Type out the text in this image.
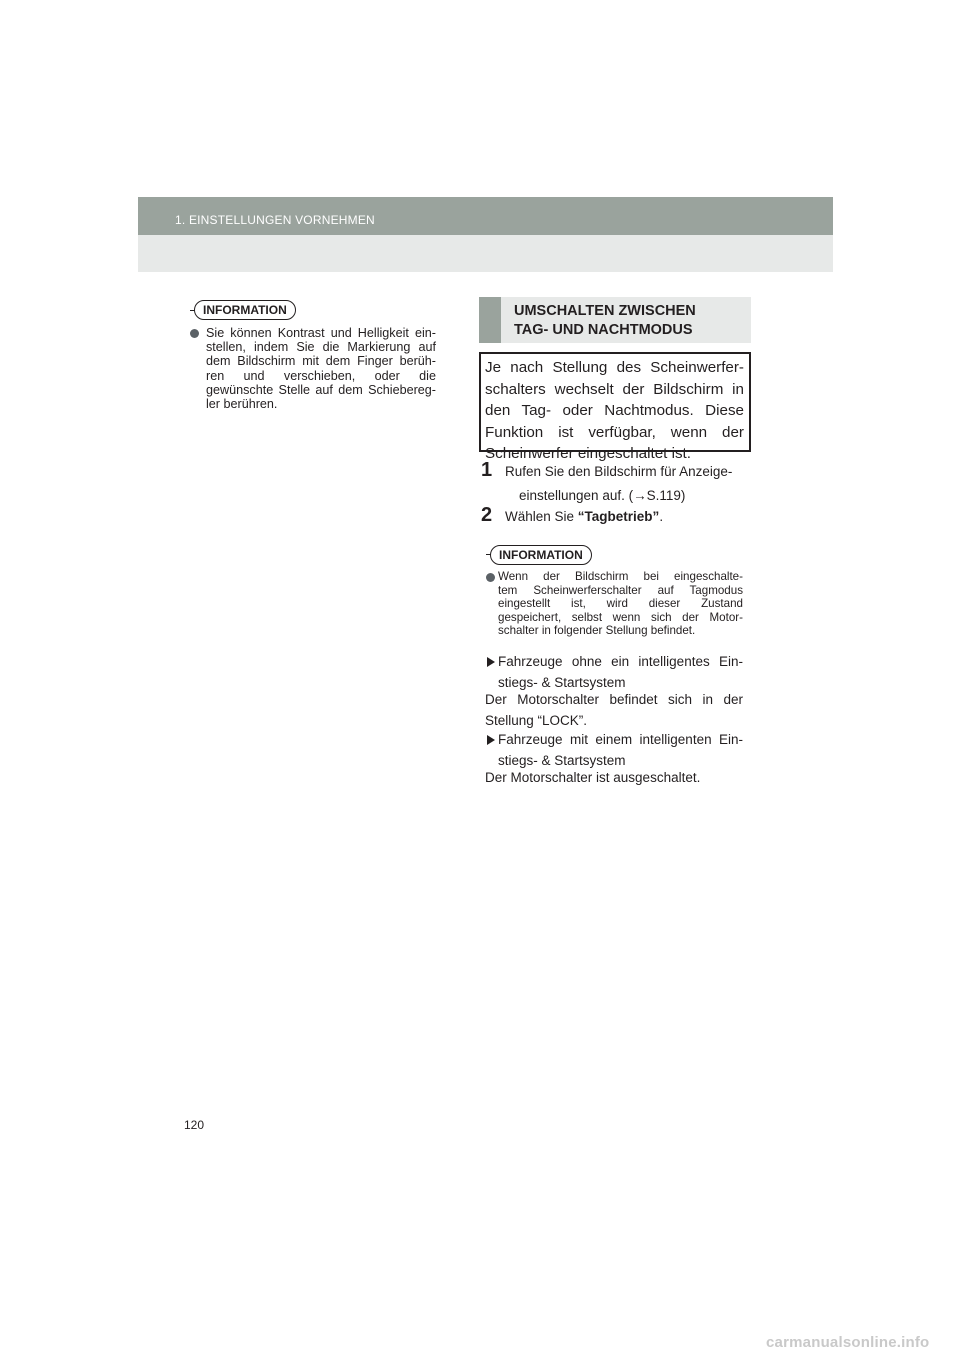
1. EINSTELLUNGEN VORNEHMEN
INFORMATION
Sie können Kontrast und Helligkeit ein-
stellen, indem Sie die Markierung auf
dem Bildschirm mit dem Finger berüh-
ren und verschieben, oder die
gewünschte Stelle auf dem Schiebereg-
ler berühren.
UMSCHALTEN ZWISCHEN
TAG- UND NACHTMODUS
Je nach Stellung des Scheinwerfer-
schalters wechselt der Bildschirm in
den Tag- oder Nachtmodus. Diese
Funktion ist verfügbar, wenn der
Scheinwerfer eingeschaltet ist.
1 Rufen Sie den Bildschirm für Anzeige-
einstellungen auf. (→S.119)
2 Wählen Sie “Tagbetrieb”.
INFORMATION
Wenn der Bildschirm bei eingeschalte-
tem Scheinwerferschalter auf Tagmodus
eingestellt ist, wird dieser Zustand
gespeichert, selbst wenn sich der Motor-
schalter in folgender Stellung befindet.
Fahrzeuge ohne ein intelligentes Ein-
stiegs- & Startsystem
Der Motorschalter befindet sich in der
Stellung “LOCK”.
Fahrzeuge mit einem intelligenten Ein-
stiegs- & Startsystem
Der Motorschalter ist ausgeschaltet.
120
carmanualsonline.info
